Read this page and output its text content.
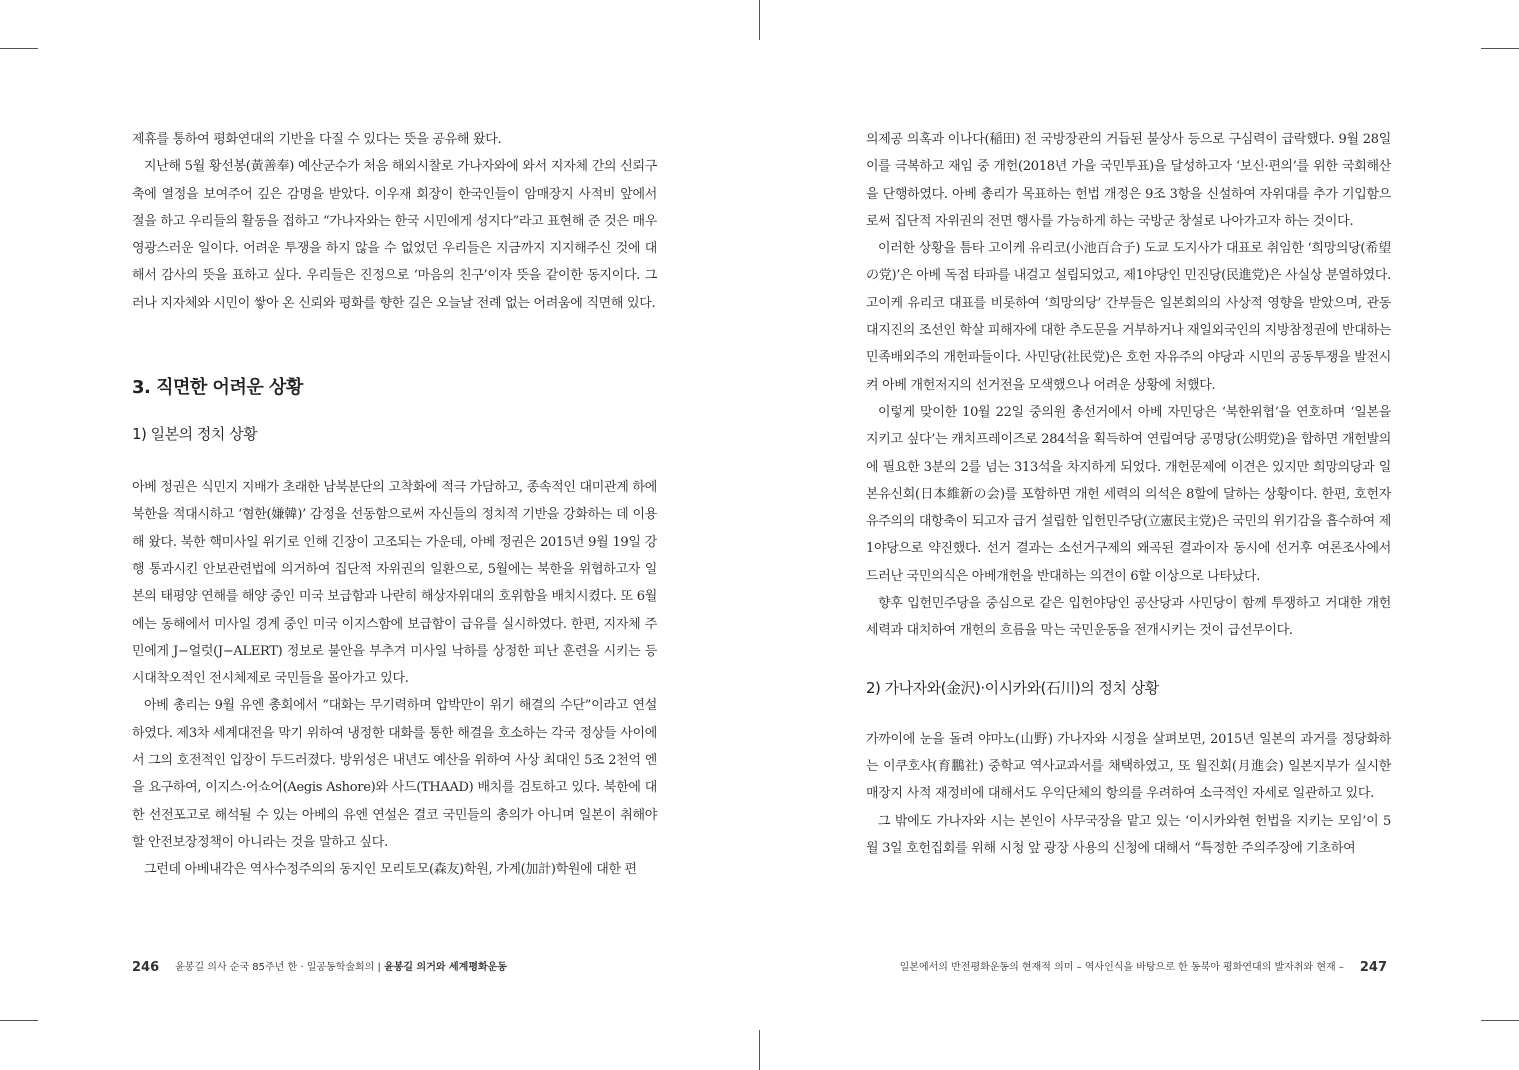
제휴를 통하여 평화연대의 기반을 다질 수 있다는 뜻을 공유해 왔다.

지난해 5월 황선봉(黃善奉) 예산군수가 처음 해외시찰로 가나자와에 와서 지자체 간의 신뢰구축에 열정을 보여주어 깊은 감명을 받았다. 이우재 회장이 한국인들이 암매장지 사적비 앞에서 절을 하고 우리들의 활동을 접하고 “가나자와는 한국 시민에게 성지다”라고 표현해 준 것은 매우 영광스러운 일이다. 어려운 투쟁을 하지 않을 수 없었던 우리들은 지금까지 지지해주신 것에 대해서 감사의 뜻을 표하고 싶다. 우리들은 진정으로 ‘마음의 친구’이자 뜻을 같이한 동지이다. 그러나 지자체와 시민이 쌓아 온 신뢰와 평화를 향한 길은 오늘날 전례 없는 어려움에 직면해 있다.

3. 직면한 어려운 상황
1) 일본의 정치 상황

아베 정권은 식민지 지배가 초래한 남북분단의 고착화에 적극 가담하고, 종속적인 대미관계 하에 북한을 적대시하고 ‘혐한(嫌韓)’ 감정을 선동함으로써 자신들의 정치적 기반을 강화하는 데 이용해 왔다. 북한 핵미사일 위기로 인해 긴장이 고조되는 가운데, 아베 정권은 2015년 9월 19일 강행 통과시킨 안보관련법에 의거하여 집단적 자위권의 일환으로, 5월에는 북한을 위협하고자 일본의 태평양 연해를 해양 중인 미국 보급함과 나란히 해상자위대의 호위함을 배치시켰다. 또 6월에는 동해에서 미사일 경계 중인 미국 이지스함에 보급함이 급유를 실시하였다. 한편, 지자체 주민에게 J−얼럿(J−ALERT) 정보로 불안을 부추겨 미사일 낙하를 상정한 피난 훈련을 시키는 등 시대착오적인 전시체제로 국민들을 몰아가고 있다.

아베 총리는 9월 유엔 총회에서 “대화는 무기력하며 압박만이 위기 해결의 수단”이라고 연설하였다. 제3차 세계대전을 막기 위하여 냉정한 대화를 통한 해결을 호소하는 각국 정상들 사이에서 그의 호전적인 입장이 두드러졌다. 방위성은 내년도 예산을 위하여 사상 최대인 5조 2천억 엔을 요구하여, 이지스·어쇼어(Aegis Ashore)와 사드(THAAD) 배치를 검토하고 있다. 북한에 대한 선전포고로 해석될 수 있는 아베의 유엔 연설은 결코 국민들의 총의가 아니며 일본이 취해야 할 안전보장정책이 아니라는 것을 말하고 싶다.

그런데 아베내각은 역사수정주의의 동지인 모리토모(森友)학원, 가계(加計)학원에 대한 편

의제공 의혹과 이나다(稲田) 전 국방장관의 거듭된 불상사 등으로 구심력이 급락했다. 9월 28일 이를 극복하고 재임 중 개헌(2018년 가을 국민투표)을 달성하고자 ‘보신·편의’를 위한 국회해산을 단행하였다. 아베 총리가 목표하는 헌법 개정은 9조 3항을 신설하여 자위대를 추가 기입함으로써 집단적 자위권의 전면 행사를 가능하게 하는 국방군 창설로 나아가고자 하는 것이다.

이러한 상황을 틈타 고이케 유리코(小池百合子) 도쿄 도지사가 대표로 취임한 ‘희망의당(希望の党)’은 아베 독점 타파를 내걸고 설립되었고, 제1야당인 민진당(民進党)은 사실상 분열하였다. 고이케 유리코 대표를 비롯하여 ‘희망의당’ 간부들은 일본회의의 사상적 영향을 받았으며, 관동대지진의 조선인 학살 피해자에 대한 추도문을 거부하거나 재일외국인의 지방참정권에 반대하는 민족배외주의 개헌파들이다. 사민당(社民党)은 호헌 자유주의 야당과 시민의 공동투쟁을 발전시켜 아베 개헌저지의 선거전을 모색했으나 어려운 상황에 처했다.

이렇게 맞이한 10월 22일 중의원 총선거에서 아베 자민당은 ‘북한위협’을 연호하며 ‘일본을 지키고 싶다’는 캐치프레이즈로 284석을 획득하여 연립여당 공명당(公明党)을 합하면 개헌발의에 필요한 3분의 2를 넘는 313석을 차지하게 되었다. 개헌문제에 이견은 있지만 희망의당과 일본유신회(日本維新の会)를 포함하면 개헌 세력의 의석은 8할에 달하는 상황이다. 한편, 호헌자유주의의 대항축이 되고자 급거 설립한 입헌민주당(立憲民主党)은 국민의 위기감을 흡수하여 제1야당으로 약진했다. 선거 결과는 소선거구제의 왜곡된 결과이자 동시에 선거후 여론조사에서 드러난 국민의식은 아베개헌을 반대하는 의견이 6할 이상으로 나타났다.

향후 입헌민주당을 중심으로 같은 입헌야당인 공산당과 사민당이 함께 투쟁하고 거대한 개헌세력과 대치하여 개헌의 흐름을 막는 국민운동을 전개시키는 것이 급선무이다.

2) 가나자와(金沢)·이시카와(石川)의 정치 상황

가까이에 눈을 돌려 야마노(山野) 가나자와 시정을 살펴보면, 2015년 일본의 과거를 정당화하는 이쿠호샤(育鵬社) 중학교 역사교과서를 채택하였고, 또 월진회(月進会) 일본지부가 실시한 매장지 사적 재정비에 대해서도 우익단체의 항의를 우려하여 소극적인 자세로 일관하고 있다.

그 밖에도 가나자와 시는 본인이 사무국장을 맡고 있는 ‘이시카와현 헌법을 지키는 모임’이 5월 3일 호헌집회를 위해 시청 앞 광장 사용의 신청에 대해서 “특정한 주의주장에 기초하여

246 윤봉길 의사 순국 85주년 한 · 일공동학술회의 | 윤봉길 의거와 세계평화운동	일본에서의 반전평화운동의 현재적 의미 – 역사인식을 바탕으로 한 동북아 평화연대의 발자취와 현재 – 247
